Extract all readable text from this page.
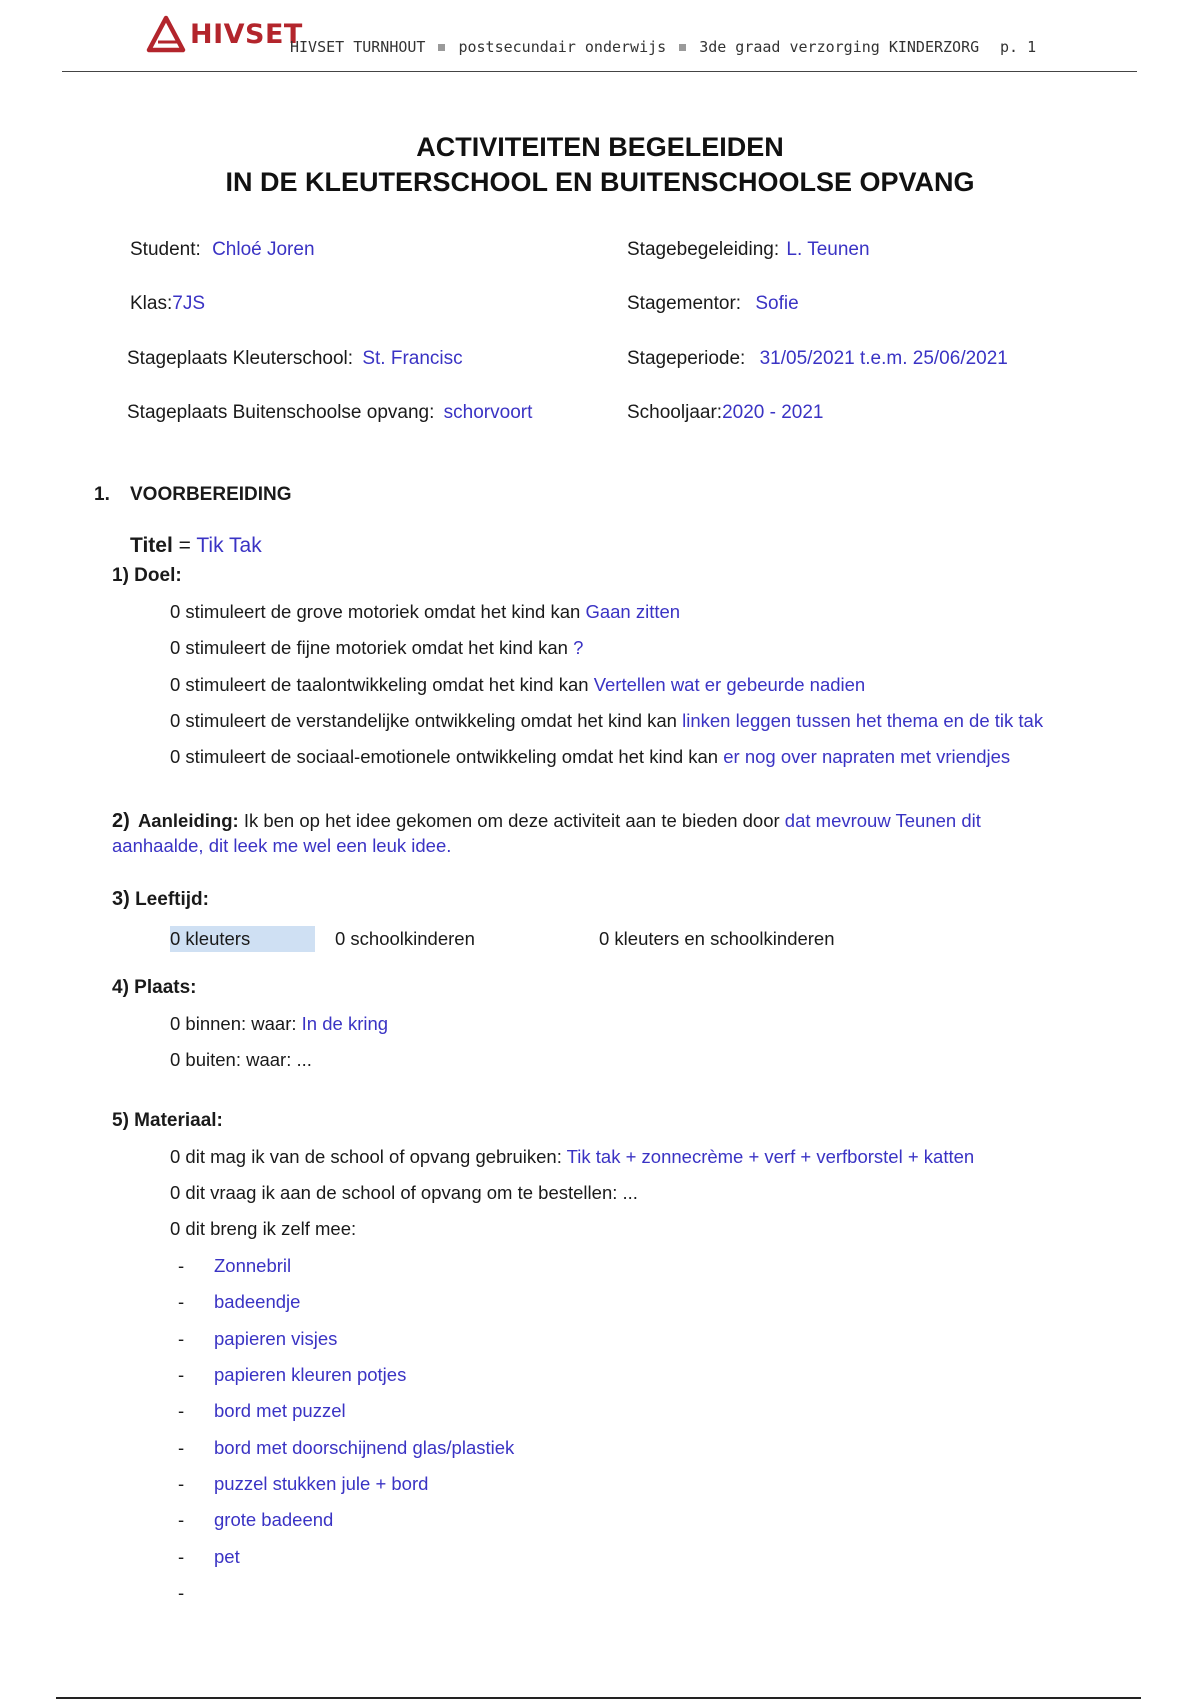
HIVSET
HIVSET TURNHOUT postsecundair onderwijs 3de graad verzorging KINDERZORG p. 1
ACTIVITEITEN BEGELEIDEN
IN DE KLEUTERSCHOOL EN BUITENSCHOOLSE OPVANG
Student: Chloé Joren
Klas:7JS
Stageplaats Kleuterschool: St. Francisc
Stageplaats Buitenschoolse opvang: schorvoort
Stagebegeleiding: L. Teunen
Stagementor: Sofie
Stageperiode: 31/05/2021 t.e.m. 25/06/2021
Schooljaar:2020 - 2021
1. VOORBEREIDING
Titel = Tik Tak
1) Doel:
0 stimuleert de grove motoriek omdat het kind kan Gaan zitten
0 stimuleert de fijne motoriek omdat het kind kan ?
0 stimuleert de taalontwikkeling omdat het kind kan Vertellen wat er gebeurde nadien
0 stimuleert de verstandelijke ontwikkeling omdat het kind kan linken leggen tussen het thema en de tik tak
0 stimuleert de sociaal-emotionele ontwikkeling omdat het kind kan er nog over napraten met vriendjes
2) Aanleiding: Ik ben op het idee gekomen om deze activiteit aan te bieden door dat mevrouw Teunen dit
aanhaalde, dit leek me wel een leuk idee.
3) Leeftijd:
0 kleuters	0 schoolkinderen	0 kleuters en schoolkinderen
4) Plaats:
0 binnen: waar: In de kring
0 buiten: waar: ...
5) Materiaal:
0 dit mag ik van de school of opvang gebruiken: Tik tak + zonnecrème + verf + verfborstel + katten
0 dit vraag ik aan de school of opvang om te bestellen: ...
0 dit breng ik zelf mee:
- Zonnebril
- badeendje
- papieren visjes
- papieren kleuren potjes
- bord met puzzel
- bord met doorschijnend glas/plastiek
- puzzel stukken jule + bord
- grote badeend
- pet
-
